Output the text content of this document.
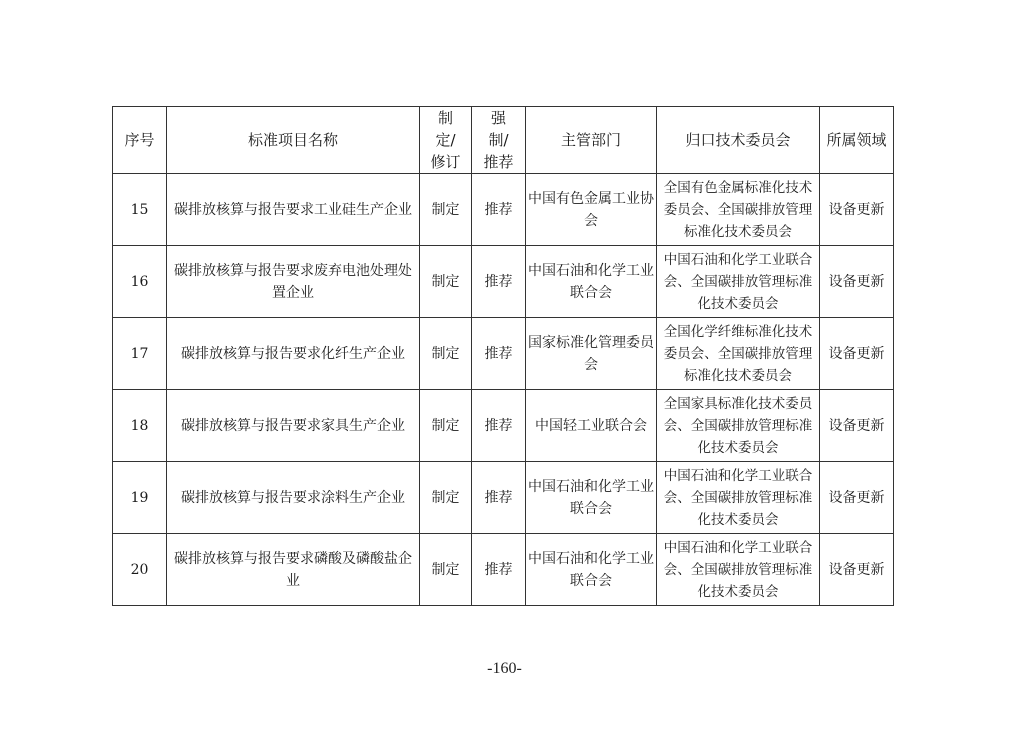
序号	标准项目名称	制定/修订	强制/推荐	主管部门	归口技术委员会	所属领域
15	碳排放核算与报告要求工业硅生产企业	制定	推荐	中国有色金属工业协会	全国有色金属标准化技术委员会、全国碳排放管理标准化技术委员会	设备更新
16	碳排放核算与报告要求废弃电池处理处置企业	制定	推荐	中国石油和化学工业联合会	中国石油和化学工业联合会、全国碳排放管理标准化技术委员会	设备更新
17	碳排放核算与报告要求化纤生产企业	制定	推荐	国家标准化管理委员会	全国化学纤维标准化技术委员会、全国碳排放管理标准化技术委员会	设备更新
18	碳排放核算与报告要求家具生产企业	制定	推荐	中国轻工业联合会	全国家具标准化技术委员会、全国碳排放管理标准化技术委员会	设备更新
19	碳排放核算与报告要求涂料生产企业	制定	推荐	中国石油和化学工业联合会	中国石油和化学工业联合会、全国碳排放管理标准化技术委员会	设备更新
20	碳排放核算与报告要求磷酸及磷酸盐企业	制定	推荐	中国石油和化学工业联合会	中国石油和化学工业联合会、全国碳排放管理标准化技术委员会	设备更新
-160-
